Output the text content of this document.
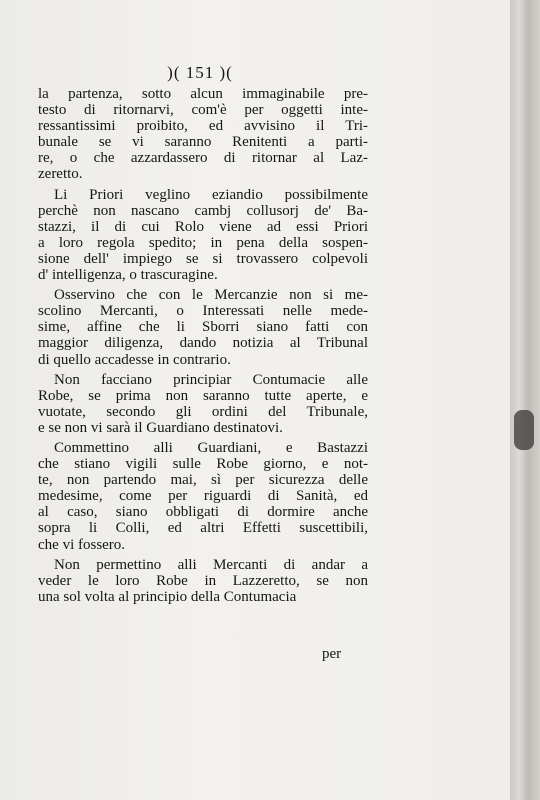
)( 151 )(
la partenza, sotto alcun immaginabile pre-
testo di ritornarvi, com'è per oggetti inte-
ressantissimi proibito, ed avvisino il Tri-
bunale se vi saranno Renitenti a parti-
re, o che azzardassero di ritornar al Laz-
zeretto.
Li Priori veglino eziandio possibilmente
perchè non nascano cambj collusorj de' Ba-
stazzi, il di cui Rolo viene ad essi Priori
a loro regola spedito; in pena della sospen-
sione dell' impiego se si trovassero colpevoli
d' intelligenza, o trascuragine.
Osservino che con le Mercanzie non si me-
scolino Mercanti, o Interessati nelle mede-
sime, affine che li Sborri siano fatti con
maggior diligenza, dando notizia al Tribunal
di quello accadesse in contrario.
Non facciano principiar Contumacie alle
Robe, se prima non saranno tutte aperte, e
vuotate, secondo gli ordini del Tribunale,
e se non vi sarà il Guardiano destinatovi.
Commettino alli Guardiani, e Bastazzi
che stiano vigili sulle Robe giorno, e not-
te, non partendo mai, sì per sicurezza delle
medesime, come per riguardi di Sanità, ed
al caso, siano obbligati di dormire anche
sopra li Colli, ed altri Effetti suscettibili,
che vi fossero.
Non permettino alli Mercanti di andar a
veder le loro Robe in Lazzeretto, se non
una sol volta al principio della Contumacia
per
